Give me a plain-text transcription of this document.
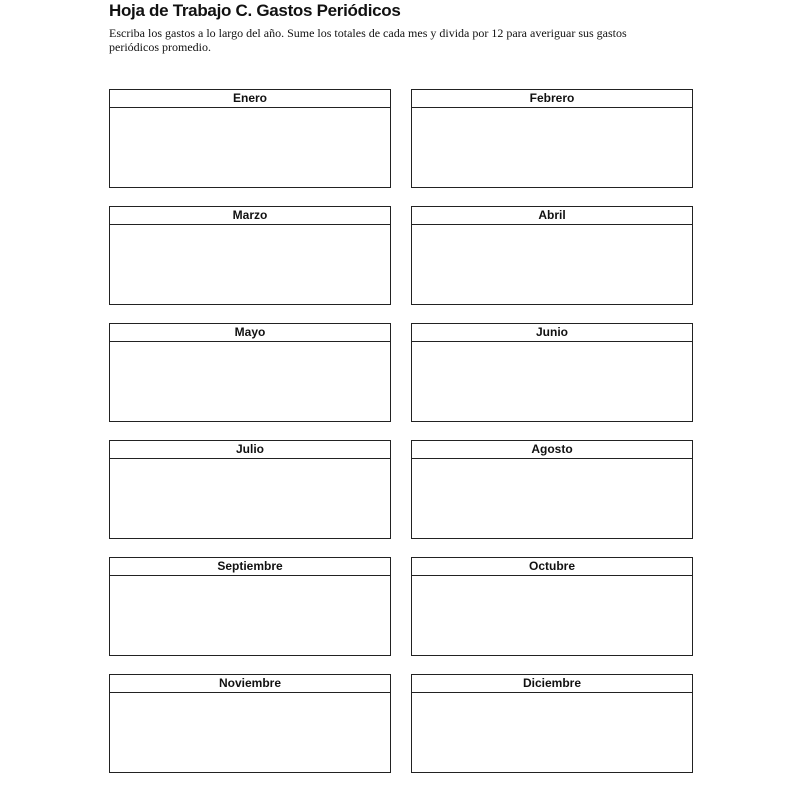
Hoja de Trabajo C. Gastos Periódicos

Escriba los gastos a lo largo del año. Sume los totales de cada mes y divida por 12 para averiguar sus gastos periódicos promedio.

Enero	Febrero
Marzo	Abril
Mayo	Junio
Julio	Agosto
Septiembre	Octubre
Noviembre	Diciembre
